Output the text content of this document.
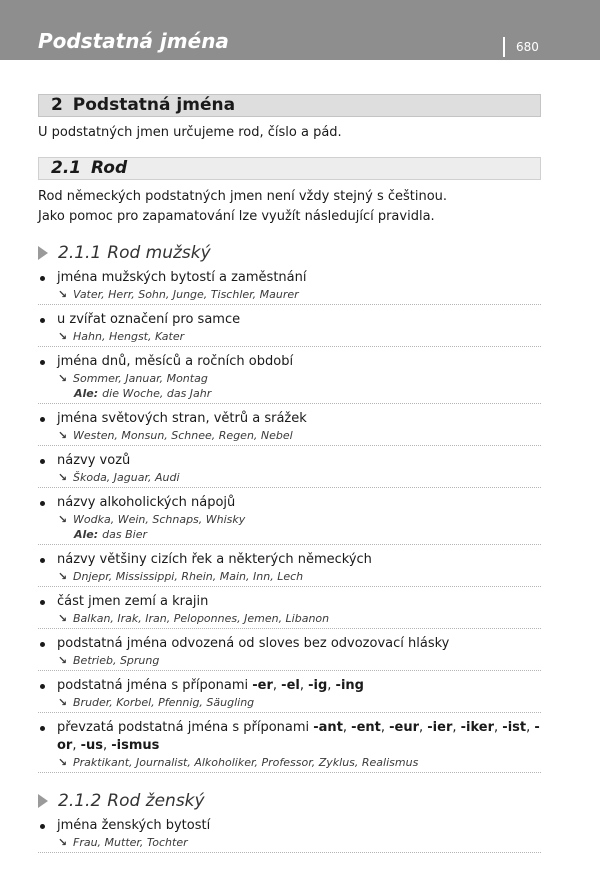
Podstatná jména	680
2 Podstatná jména
U podstatných jmen určujeme rod, číslo a pád.
2.1 Rod
Rod německých podstatných jmen není vždy stejný s češtinou.
Jako pomoc pro zapamatování lze využít následující pravidla.
2.1.1 Rod mužský
jména mužských bytostí a zaměstnání
↘ Vater, Herr, Sohn, Junge, Tischler, Maurer
u zvířat označení pro samce
↘ Hahn, Hengst, Kater
jména dnů, měsíců a ročních období
↘ Sommer, Januar, Montag
Ale: die Woche, das Jahr
jména světových stran, větrů a srážek
↘ Westen, Monsun, Schnee, Regen, Nebel
názvy vozů
↘ Škoda, Jaguar, Audi
názvy alkoholických nápojů
↘ Wodka, Wein, Schnaps, Whisky
Ale: das Bier
názvy většiny cizích řek a některých německých
↘ Dnjepr, Mississippi, Rhein, Main, Inn, Lech
část jmen zemí a krajin
↘ Balkan, Irak, Iran, Peloponnes, Jemen, Libanon
podstatná jména odvozená od sloves bez odvozovací hlásky
↘ Betrieb, Sprung
podstatná jména s příponami -er, -el, -ig, -ing
↘ Bruder, Korbel, Pfennig, Säugling
převzatá podstatná jména s příponami -ant, -ent, -eur, -ier, -iker, -ist, -or, -us, -ismus
↘ Praktikant, Journalist, Alkoholiker, Professor, Zyklus, Realismus
2.1.2 Rod ženský
jména ženských bytostí
↘ Frau, Mutter, Tochter
